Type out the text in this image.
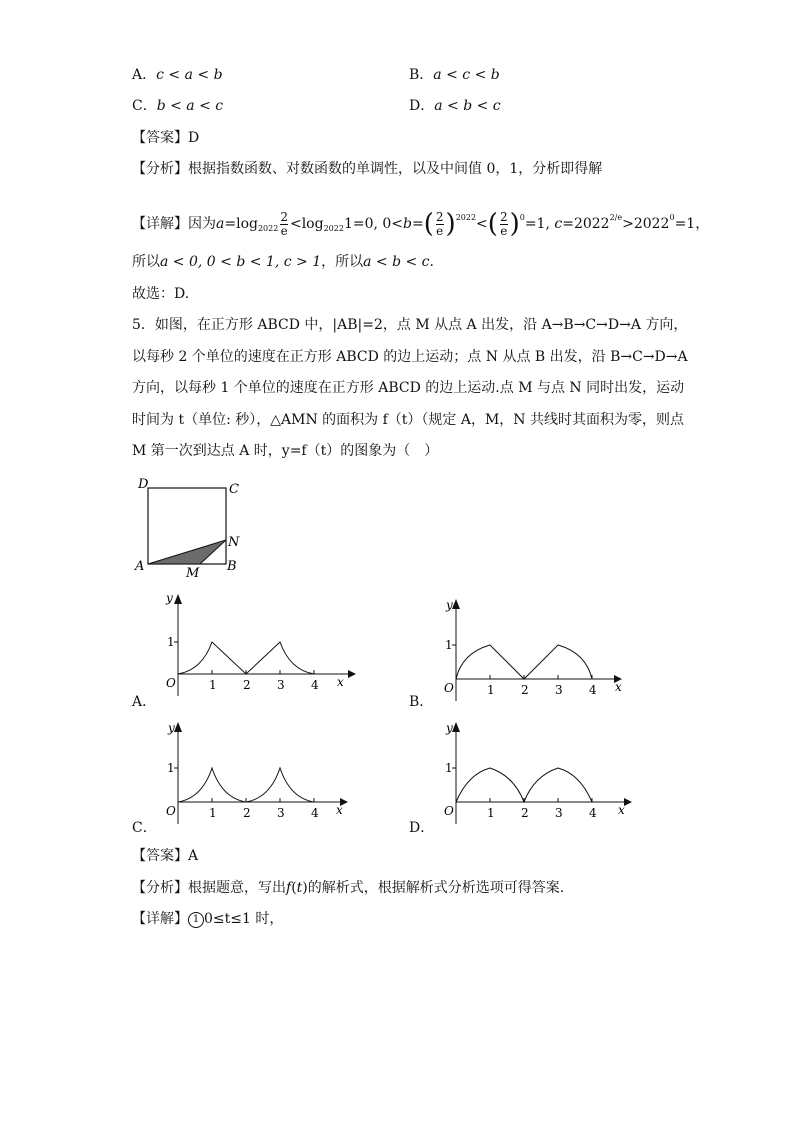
A．c < a < b	B．a < c < b
C．b < a < c	D．a < b < c
【答案】D
【分析】根据指数函数、对数函数的单调性，以及中间值 0，1，分析即得解
【详解】因为$a=\log_{2022} \frac{2}{e} <\log_{2022}1=0$, $0<b=( \frac{2}{e} )^{2022}<( \frac{2}{e} )^0=1$, $c=2022^{2/e}>2022^0=1$，
所以a < 0, 0 < b < 1, c > 1，所以a < b < c.
故选：D.
5．如图，在正方形 ABCD 中，|AB|=2，点 M 从点 A 出发，沿 A→B→C→D→A 方向，
以每秒 2 个单位的速度在正方形 ABCD 的边上运动；点 N 从点 B 出发，沿 B→C→D→A
方向，以每秒 1 个单位的速度在正方形 ABCD 的边上运动.点 M 与点 N 同时出发，运动
时间为 t（单位: 秒），△AMN 的面积为 f（t）（规定 A，M，N 共线时其面积为零，则点
M 第一次到达点 A 时，y=f（t）的图象为（　）
D	C
N
A	B
M
y
x
O
1
1 2 3 4
A．
y
x
O
1
1 2 3 4
B．
y
x
O
1
1 2 3 4
C．
y
x
O
1
1 2 3 4
D．
【答案】A
【分析】根据题意，写出f(t)的解析式，根据解析式分析选项可得答案.
【详解】 1 0≤t≤1 时，
